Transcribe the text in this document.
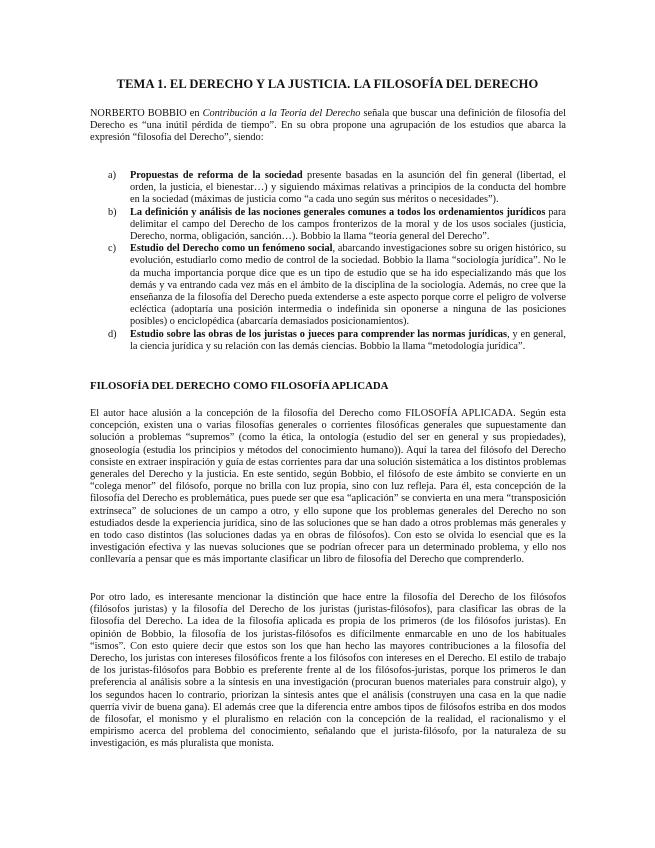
TEMA 1. EL DERECHO Y LA JUSTICIA. LA FILOSOFÍA DEL DERECHO

NORBERTO BOBBIO en Contribución a la Teoría del Derecho señala que buscar una definición de filosofía del Derecho es “una inútil pérdida de tiempo”. En su obra propone una agrupación de los estudios que abarca la expresión “filosofía del Derecho”, siendo:

a) Propuestas de reforma de la sociedad presente basadas en la asunción del fin general (libertad, el orden, la justicia, el bienestar…) y siguiendo máximas relativas a principios de la conducta del hombre en la sociedad (máximas de justicia como “a cada uno según sus méritos o necesidades”).
b) La definición y análisis de las nociones generales comunes a todos los ordenamientos jurídicos para delimitar el campo del Derecho de los campos fronterizos de la moral y de los usos sociales (justicia, Derecho, norma, obligación, sanción…). Bobbio la llama “teoría general del Derecho”.
c) Estudio del Derecho como un fenómeno social, abarcando investigaciones sobre su origen histórico, su evolución, estudiarlo como medio de control de la sociedad. Bobbio la llama “sociología jurídica”. No le da mucha importancia porque dice que es un tipo de estudio que se ha ido especializando más que los demás y va entrando cada vez más en el ámbito de la disciplina de la sociología. Además, no cree que la enseñanza de la filosofía del Derecho pueda extenderse a este aspecto porque corre el peligro de volverse ecléctica (adoptaría una posición intermedia o indefinida sin oponerse a ninguna de las posiciones posibles) o enciclopédica (abarcaría demasiados posicionamientos).
d) Estudio sobre las obras de los juristas o jueces para comprender las normas jurídicas, y en general, la ciencia jurídica y su relación con las demás ciencias. Bobbio la llama “metodología jurídica”.
FILOSOFÍA DEL DERECHO COMO FILOSOFÍA APLICADA

El autor hace alusión a la concepción de la filosofía del Derecho como FILOSOFÍA APLICADA. Según esta concepción, existen una o varias filosofías generales o corrientes filosóficas generales que supuestamente dan solución a problemas “supremos” (como la ética, la ontología (estudio del ser en general y sus propiedades), gnoseología (estudia los principios y métodos del conocimiento humano)). Aquí la tarea del filósofo del Derecho consiste en extraer inspiración y guía de estas corrientes para dar una solución sistemática a los distintos problemas generales del Derecho y la justicia. En este sentido, según Bobbio, el filósofo de este ámbito se convierte en un “colega menor” del filósofo, porque no brilla con luz propia, sino con luz refleja. Para él, esta concepción de la filosofía del Derecho es problemática, pues puede ser que esa “aplicación” se convierta en una mera “transposición extrínseca” de soluciones de un campo a otro, y ello supone que los problemas generales del Derecho no son estudiados desde la experiencia jurídica, sino de las soluciones que se han dado a otros problemas más generales y en todo caso distintos (las soluciones dadas ya en obras de filósofos). Con esto se olvida lo esencial que es la investigación efectiva y las nuevas soluciones que se podrían ofrecer para un determinado problema, y ello nos conllevaría a pensar que es más importante clasificar un libro de filosofía del Derecho que comprenderlo.

Por otro lado, es interesante mencionar la distinción que hace entre la filosofía del Derecho de los filósofos (filósofos juristas) y la filosofía del Derecho de los juristas (juristas-filósofos), para clasificar las obras de la filosofía del Derecho. La idea de la filosofía aplicada es propia de los primeros (de los filósofos juristas). En opinión de Bobbio, la filosofía de los juristas-filósofos es difícilmente enmarcable en uno de los habituales “ismos”. Con esto quiere decir que estos son los que han hecho las mayores contribuciones a la filosofía del Derecho, los juristas con intereses filosóficos frente a los filósofos con intereses en el Derecho. El estilo de trabajo de los juristas-filósofos para Bobbio es preferente frente al de los filósofos-juristas, porque los primeros le dan preferencia al análisis sobre a la síntesis en una investigación (procuran buenos materiales para construir algo), y los segundos hacen lo contrario, priorizan la síntesis antes que el análisis (construyen una casa en la que nadie querría vivir de buena gana). El además cree que la diferencia entre ambos tipos de filósofos estriba en dos modos de filosofar, el monismo y el pluralismo en relación con la concepción de la realidad, el racionalismo y el empirismo acerca del problema del conocimiento, señalando que el jurista-filósofo, por la naturaleza de su investigación, es más pluralista que monista.
